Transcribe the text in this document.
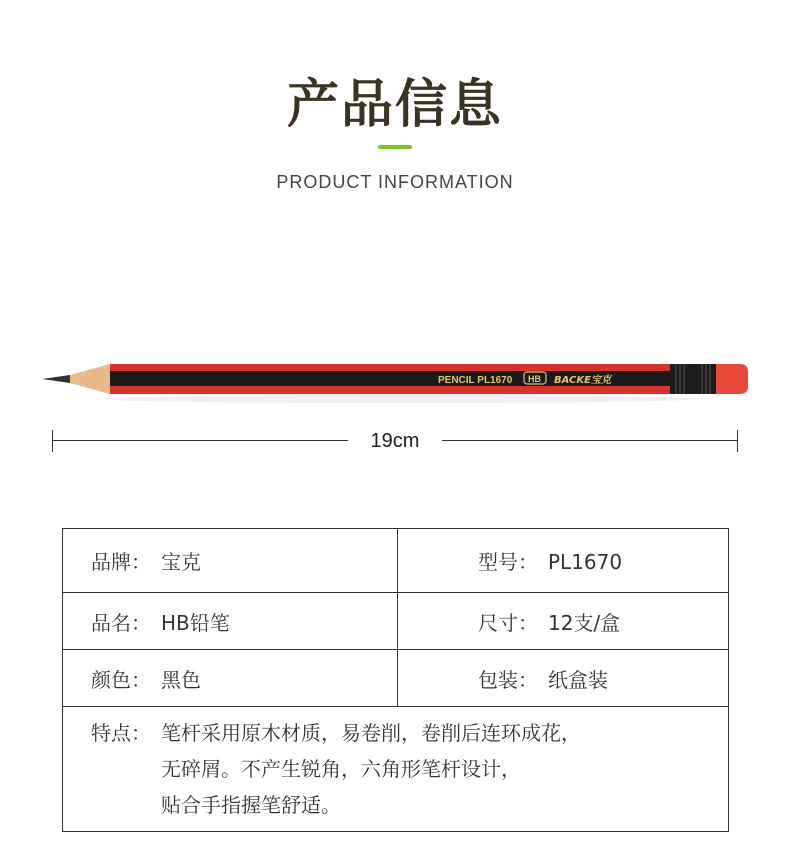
产品信息
PRODUCT INFORMATION
PENCIL PL1670 HB BACKE宝克
19cm
品牌： 宝克	型号： PL1670
品名： HB铅笔	尺寸： 12支/盒
颜色： 黑色	包装： 纸盒装

特点： 笔杆采用原木材质，易卷削，卷削后连环成花，
无碎屑。不产生锐角，六角形笔杆设计，
贴合手指握笔舒适。	
